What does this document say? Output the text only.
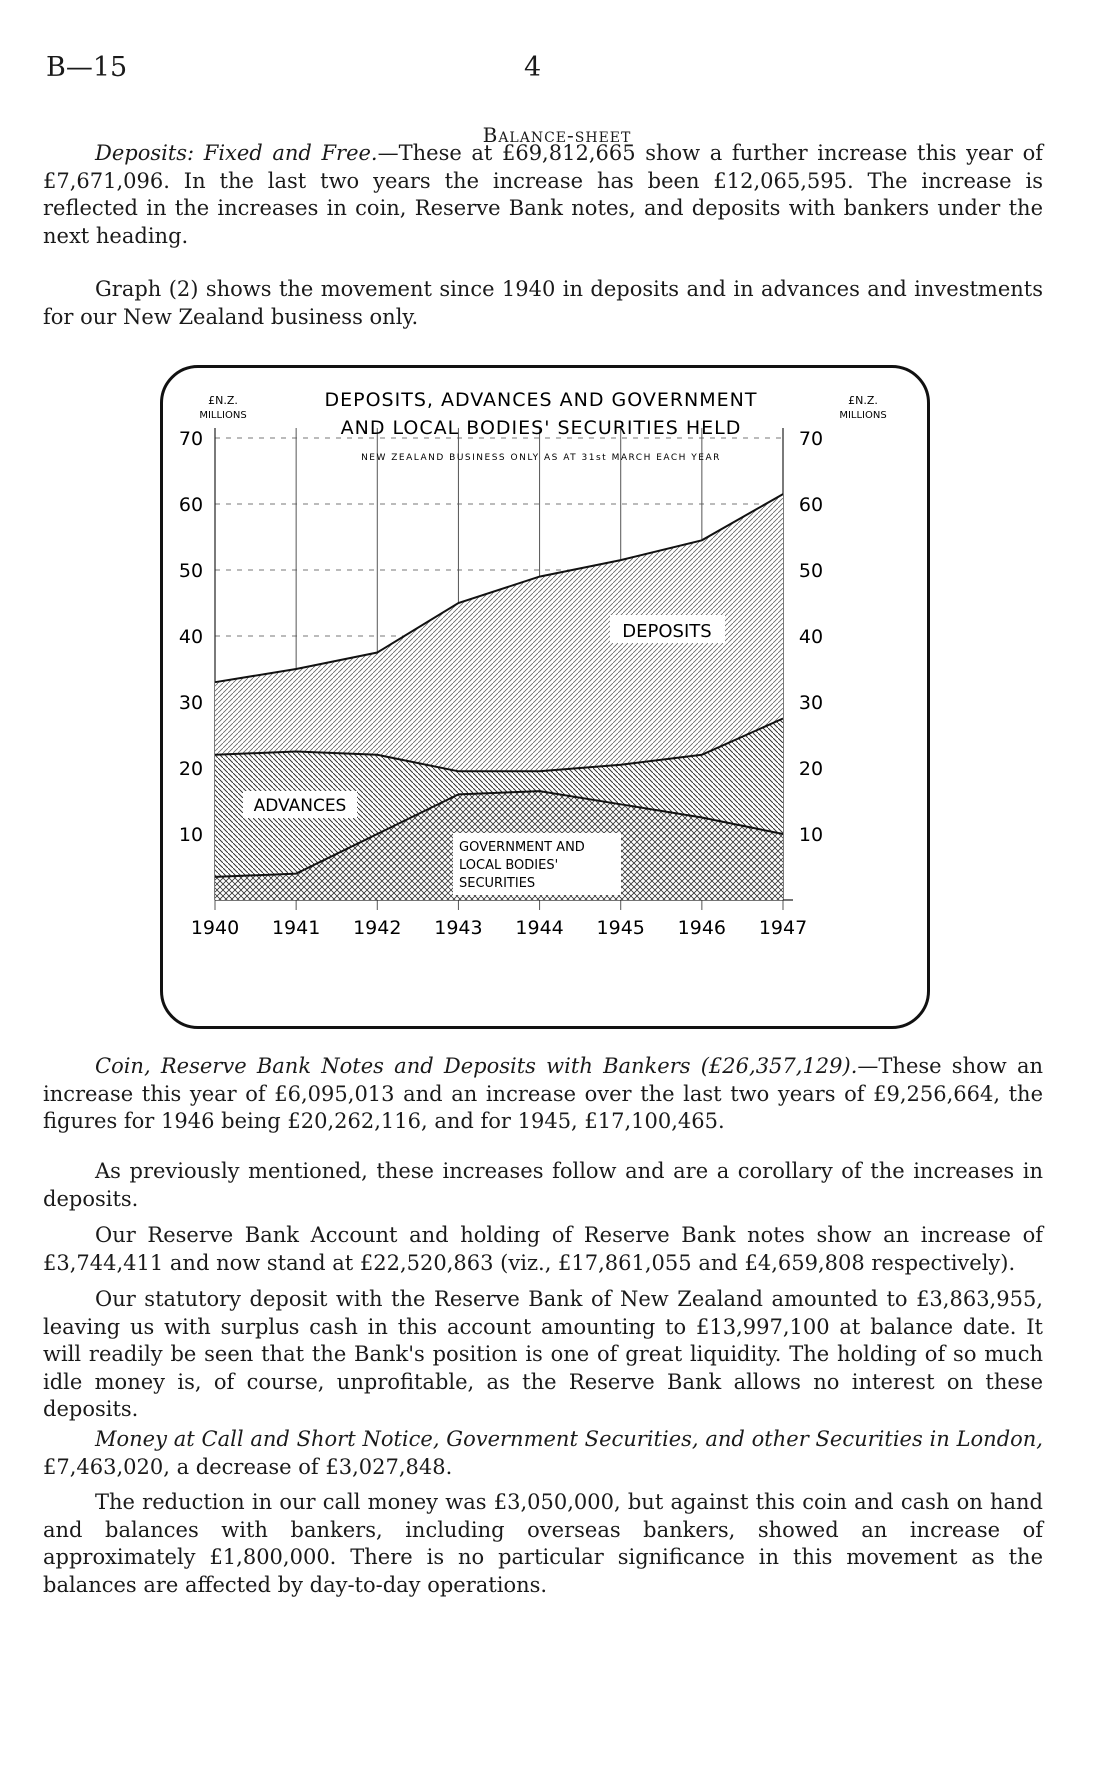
B—15	4
Balance-sheet

Deposits: Fixed and Free.—These at £69,812,665 show a further increase this year of £7,671,096. In the last two years the increase has been £12,065,595. The increase is reflected in the increases in coin, Reserve Bank notes, and deposits with bankers under the next heading.

Graph (2) shows the movement since 1940 in deposits and in advances and investments for our New Zealand business only.

£N.Z.
MILLIONS
£N.Z.
MILLIONS
DEPOSITS, ADVANCES AND GOVERNMENT
AND LOCAL BODIES' SECURITIES HELD
NEW ZEALAND BUSINESS ONLY AS AT 31st MARCH EACH YEAR
10
20
30
40
50
60
70
10
20
30
40
50
60
70
1940 1941 1942 1943 1944 1945 1946 1947
DEPOSITS
ADVANCES
GOVERNMENT AND
LOCAL BODIES'
SECURITIES

Coin, Reserve Bank Notes and Deposits with Bankers (£26,357,129).—These show an increase this year of £6,095,013 and an increase over the last two years of £9,256,664, the figures for 1946 being £20,262,116, and for 1945, £17,100,465.

As previously mentioned, these increases follow and are a corollary of the increases in deposits.

Our Reserve Bank Account and holding of Reserve Bank notes show an increase of £3,744,411 and now stand at £22,520,863 (viz., £17,861,055 and £4,659,808 respectively).

Our statutory deposit with the Reserve Bank of New Zealand amounted to £3,863,955, leaving us with surplus cash in this account amounting to £13,997,100 at balance date. It will readily be seen that the Bank's position is one of great liquidity. The holding of so much idle money is, of course, unprofitable, as the Reserve Bank allows no interest on these deposits.

Money at Call and Short Notice, Government Securities, and other Securities in London, £7,463,020, a decrease of £3,027,848.

The reduction in our call money was £3,050,000, but against this coin and cash on hand and balances with bankers, including overseas bankers, showed an increase of approximately £1,800,000. There is no particular significance in this movement as the balances are affected by day-to-day operations.
